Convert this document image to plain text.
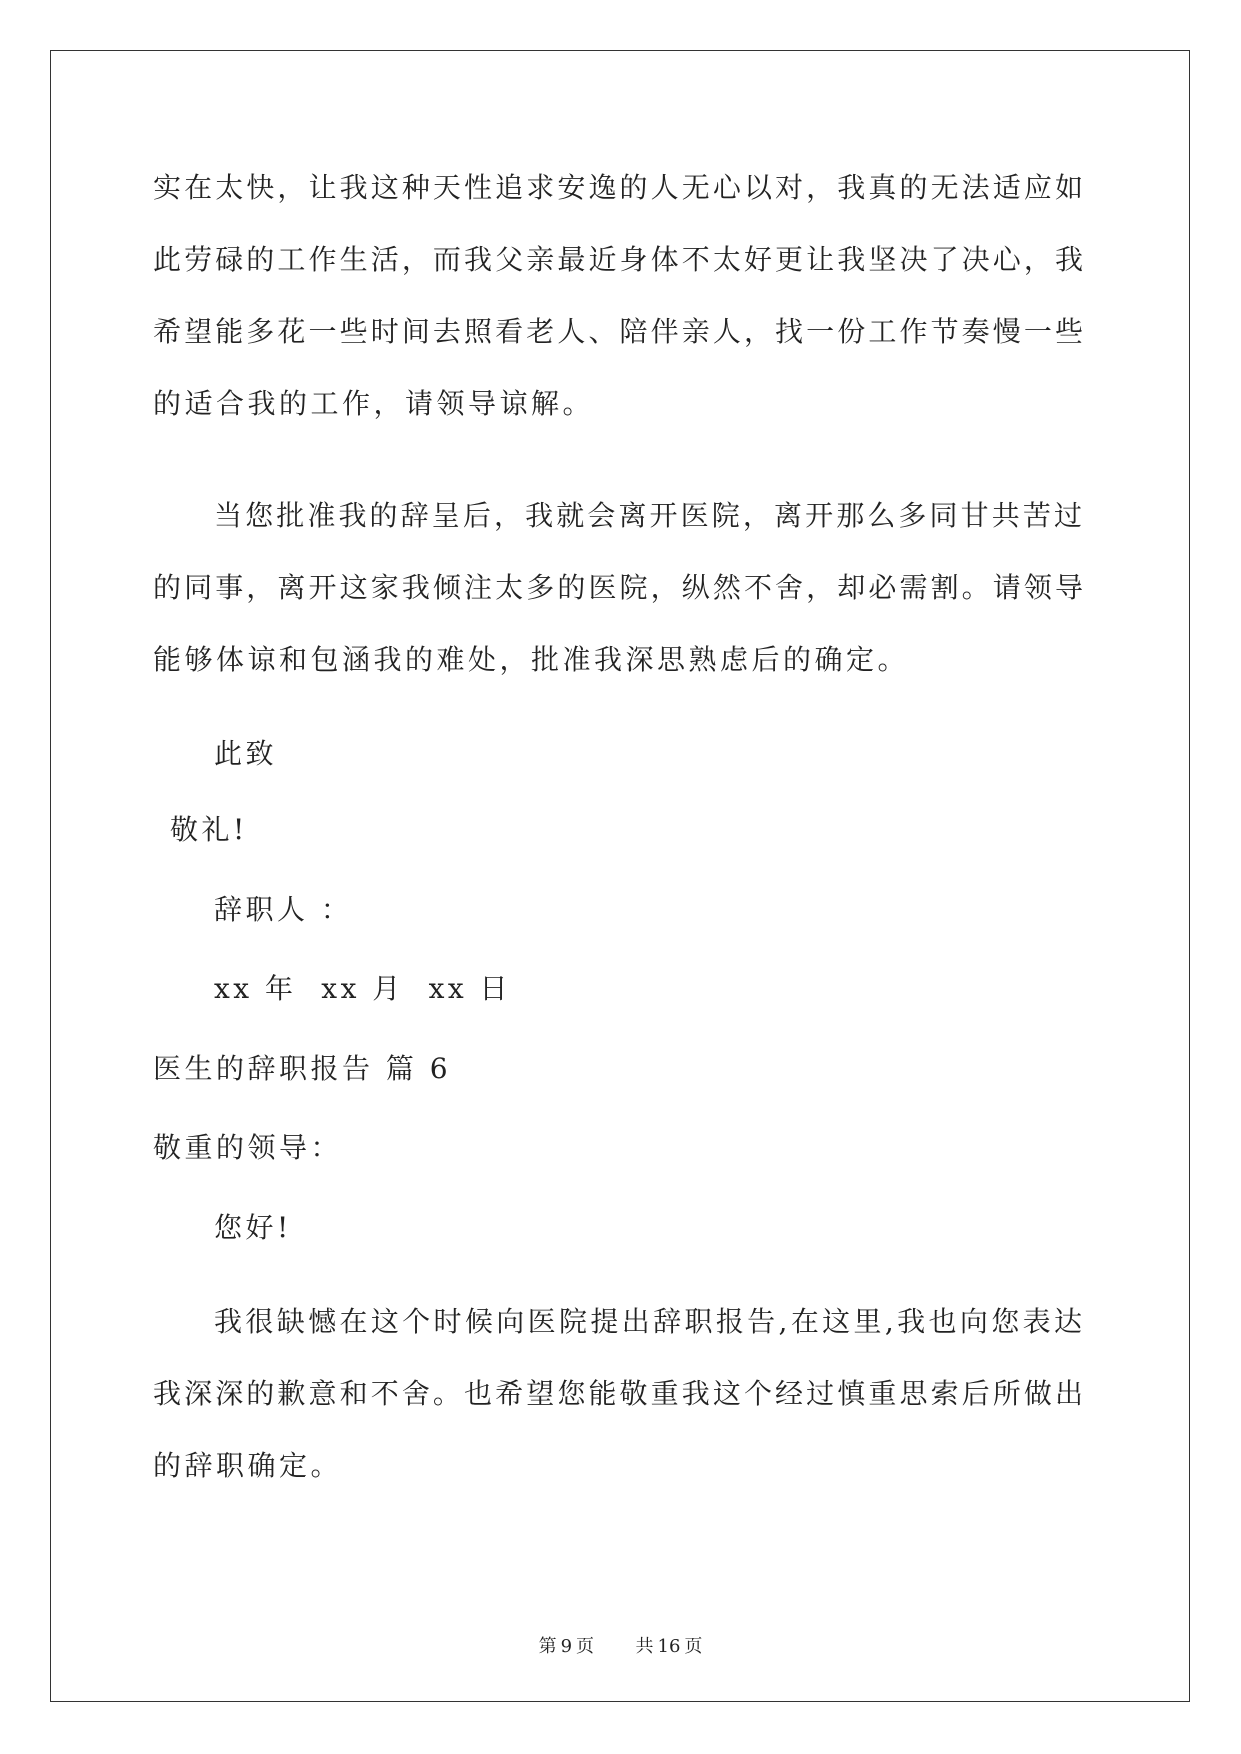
实在太快，让我这种天性追求安逸的人无心以对，我真的无法适应如
此劳碌的工作生活，而我父亲最近身体不太好更让我坚决了决心，我
希望能多花一些时间去照看老人、陪伴亲人，找一份工作节奏慢一些
的适合我的工作，请领导谅解。
当您批准我的辞呈后，我就会离开医院，离开那么多同甘共苦过
的同事，离开这家我倾注太多的医院，纵然不舍，却必需割。请领导
能够体谅和包涵我的难处，批准我深思熟虑后的确定。
此致
敬礼!
辞职人 ：
xx 年  xx 月  xx 日
医生的辞职报告 篇 6
敬重的领导：
您好!
我很缺憾在这个时候向医院提出辞职报告,在这里,我也向您表达
我深深的歉意和不舍。也希望您能敬重我这个经过慎重思索后所做出
的辞职确定。
第 9 页 共 16 页
